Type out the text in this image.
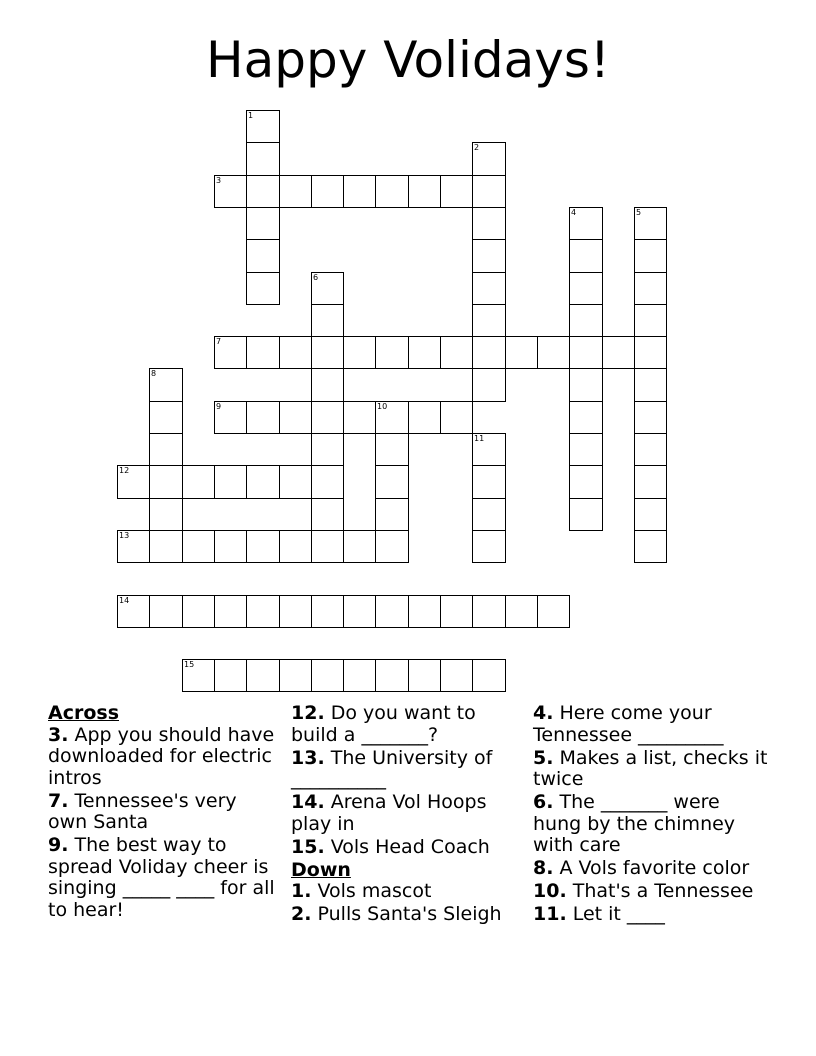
Happy Volidays!
1
2
3
4	5
6
7
8
9	10
11
12
13
14
15
Across
3. App you should have downloaded for electric intros
7. Tennessee's very own Santa
9. The best way to spread Voliday cheer is singing _____ ____ for all to hear!
12. Do you want to build a _______?
13. The University of __________
14. Arena Vol Hoops play in
15. Vols Head Coach
Down
1. Vols mascot
2. Pulls Santa's Sleigh
4. Here come your Tennessee _________
5. Makes a list, checks it twice
6. The _______ were hung by the chimney with care
8. A Vols favorite color
10. That's a Tennessee
11. Let it ____
